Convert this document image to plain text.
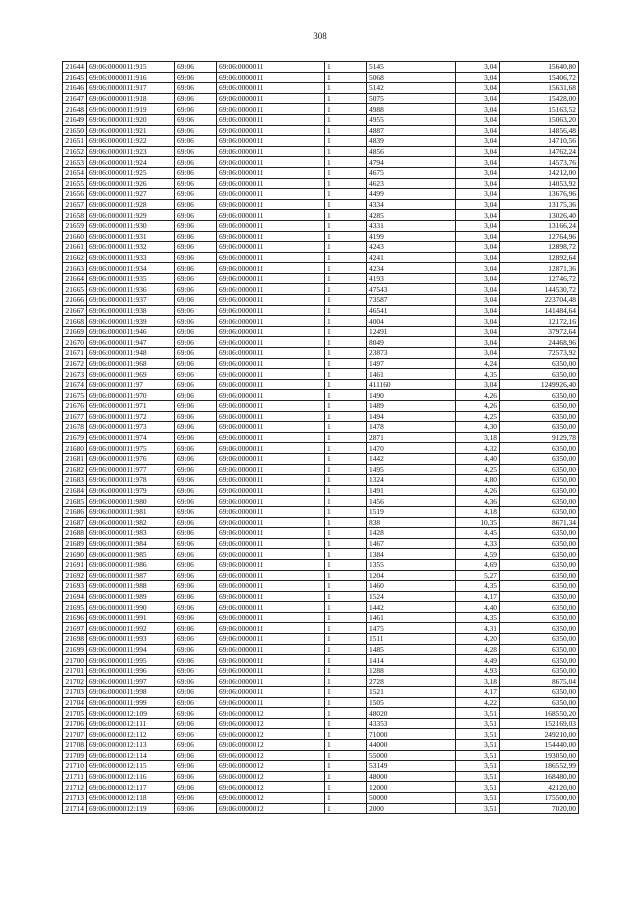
308
21644	69:06:0000011:915	69:06	69:06:0000011	1	5145	3,04	15640,80
21645	69:06:0000011:916	69:06	69:06:0000011	1	5068	3,04	15406,72
21646	69:06:0000011:917	69:06	69:06:0000011	1	5142	3,04	15631,68
21647	69:06:0000011:918	69:06	69:06:0000011	1	5075	3,04	15428,00
21648	69:06:0000011:919	69:06	69:06:0000011	1	4988	3,04	15163,52
21649	69:06:0000011:920	69:06	69:06:0000011	1	4955	3,04	15063,20
21650	69:06:0000011:921	69:06	69:06:0000011	1	4887	3,04	14856,48
21651	69:06:0000011:922	69:06	69:06:0000011	1	4839	3,04	14710,56
21652	69:06:0000011:923	69:06	69:06:0000011	1	4856	3,04	14762,24
21653	69:06:0000011:924	69:06	69:06:0000011	1	4794	3,04	14573,76
21654	69:06:0000011:925	69:06	69:06:0000011	1	4675	3,04	14212,00
21655	69:06:0000011:926	69:06	69:06:0000011	1	4623	3,04	14053,92
21656	69:06:0000011:927	69:06	69:06:0000011	1	4499	3,04	13676,96
21657	69:06:0000011:928	69:06	69:06:0000011	1	4334	3,04	13175,36
21658	69:06:0000011:929	69:06	69:06:0000011	1	4285	3,04	13026,40
21659	69:06:0000011:930	69:06	69:06:0000011	1	4331	3,04	13166,24
21660	69:06:0000011:931	69:06	69:06:0000011	1	4199	3,04	12764,96
21661	69:06:0000011:932	69:06	69:06:0000011	1	4243	3,04	12898,72
21662	69:06:0000011:933	69:06	69:06:0000011	1	4241	3,04	12892,64
21663	69:06:0000011:934	69:06	69:06:0000011	1	4234	3,04	12871,36
21664	69:06:0000011:935	69:06	69:06:0000011	1	4193	3,04	12746,72
21665	69:06:0000011:936	69:06	69:06:0000011	1	47543	3,04	144530,72
21666	69:06:0000011:937	69:06	69:06:0000011	1	73587	3,04	223704,48
21667	69:06:0000011:938	69:06	69:06:0000011	1	46541	3,04	141484,64
21668	69:06:0000011:939	69:06	69:06:0000011	1	4004	3,04	12172,16
21669	69:06:0000011:946	69:06	69:06:0000011	1	12491	3,04	37972,64
21670	69:06:0000011:947	69:06	69:06:0000011	1	8049	3,04	24468,96
21671	69:06:0000011:948	69:06	69:06:0000011	1	23873	3,04	72573,92
21672	69:06:0000011:968	69:06	69:06:0000011	1	1497	4,24	6350,00
21673	69:06:0000011:969	69:06	69:06:0000011	1	1461	4,35	6350,00
21674	69:06:0000011:97	69:06	69:06:0000011	1	411160	3,04	1249926,40
21675	69:06:0000011:970	69:06	69:06:0000011	1	1490	4,26	6350,00
21676	69:06:0000011:971	69:06	69:06:0000011	1	1489	4,26	6350,00
21677	69:06:0000011:972	69:06	69:06:0000011	1	1494	4,25	6350,00
21678	69:06:0000011:973	69:06	69:06:0000011	1	1478	4,30	6350,00
21679	69:06:0000011:974	69:06	69:06:0000011	1	2871	3,18	9129,78
21680	69:06:0000011:975	69:06	69:06:0000011	1	1470	4,32	6350,00
21681	69:06:0000011:976	69:06	69:06:0000011	1	1442	4,40	6350,00
21682	69:06:0000011:977	69:06	69:06:0000011	1	1495	4,25	6350,00
21683	69:06:0000011:978	69:06	69:06:0000011	1	1324	4,80	6350,00
21684	69:06:0000011:979	69:06	69:06:0000011	1	1491	4,26	6350,00
21685	69:06:0000011:980	69:06	69:06:0000011	1	1456	4,36	6350,00
21686	69:06:0000011:981	69:06	69:06:0000011	1	1519	4,18	6350,00
21687	69:06:0000011:982	69:06	69:06:0000011	1	838	10,35	8671,34
21688	69:06:0000011:983	69:06	69:06:0000011	1	1428	4,45	6350,00
21689	69:06:0000011:984	69:06	69:06:0000011	1	1467	4,33	6350,00
21690	69:06:0000011:985	69:06	69:06:0000011	1	1384	4,59	6350,00
21691	69:06:0000011:986	69:06	69:06:0000011	1	1355	4,69	6350,00
21692	69:06:0000011:987	69:06	69:06:0000011	1	1204	5,27	6350,00
21693	69:06:0000011:988	69:06	69:06:0000011	1	1460	4,35	6350,00
21694	69:06:0000011:989	69:06	69:06:0000011	1	1524	4,17	6350,00
21695	69:06:0000011:990	69:06	69:06:0000011	1	1442	4,40	6350,00
21696	69:06:0000011:991	69:06	69:06:0000011	1	1461	4,35	6350,00
21697	69:06:0000011:992	69:06	69:06:0000011	1	1475	4,31	6350,00
21698	69:06:0000011:993	69:06	69:06:0000011	1	1511	4,20	6350,00
21699	69:06:0000011:994	69:06	69:06:0000011	1	1485	4,28	6350,00
21700	69:06:0000011:995	69:06	69:06:0000011	1	1414	4,49	6350,00
21701	69:06:0000011:996	69:06	69:06:0000011	1	1288	4,93	6350,00
21702	69:06:0000011:997	69:06	69:06:0000011	1	2728	3,18	8675,04
21703	69:06:0000011:998	69:06	69:06:0000011	1	1521	4,17	6350,00
21704	69:06:0000011:999	69:06	69:06:0000011	1	1505	4,22	6350,00
21705	69:06:0000012:109	69:06	69:06:0000012	1	48020	3,51	168550,20
21706	69:06:0000012:111	69:06	69:06:0000012	1	43353	3,51	152169,03
21707	69:06:0000012:112	69:06	69:06:0000012	1	71000	3,51	249210,00
21708	69:06:0000012:113	69:06	69:06:0000012	1	44000	3,51	154440,00
21709	69:06:0000012:114	69:06	69:06:0000012	1	55000	3,51	193050,00
21710	69:06:0000012:115	69:06	69:06:0000012	1	53149	3,51	186552,99
21711	69:06:0000012:116	69:06	69:06:0000012	1	48000	3,51	168480,00
21712	69:06:0000012:117	69:06	69:06:0000012	1	12000	3,51	42120,00
21713	69:06:0000012:118	69:06	69:06:0000012	1	50000	3,51	175500,00
21714	69:06:0000012:119	69:06	69:06:0000012	1	2000	3,51	7020,00
